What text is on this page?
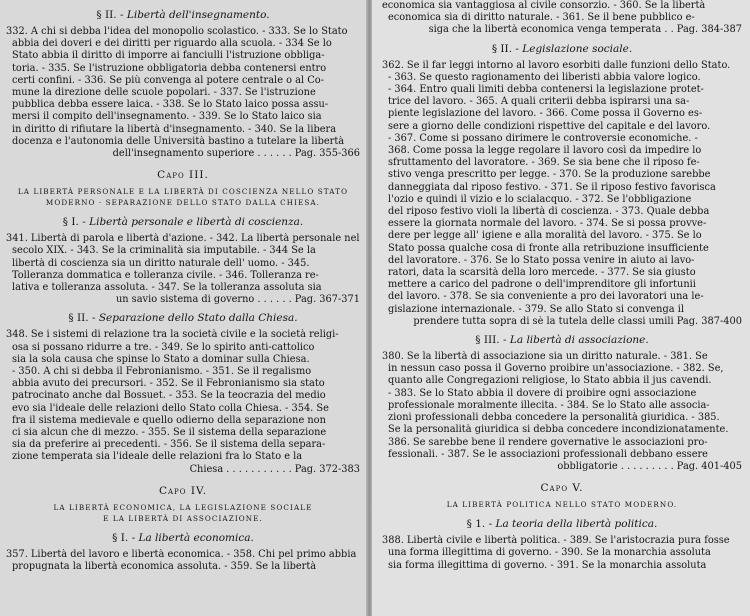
§ II. - Libertà dell'insegnamento.
332. A chi si debba l'idea del monopolio scolastico. - 333. Se lo Stato
abbia dei doveri e dei diritti per riguardo alla scuola. - 334 Se lo
Stato abbia il diritto di imporre ai fanciulli l'istruzione obbliga-
toria. - 335. Se l'istruzione obbligatoria debba contenersi entro
certi confini. - 336. Se più convenga al potere centrale o al Co-
mune la direzione delle scuole popolari. - 337. Se l'istruzione
pubblica debba essere laica. - 338. Se lo Stato laico possa assu-
mersi il compito dell'insegnamento. - 339. Se lo Stato laico sia
in diritto di rifiutare la libertà d'insegnamento. - 340. Se la libera
docenza e l'autonomia delle Università bastino a tutelare la libertà
dell'insegnamento superiore . . . . . . Pag. 355-366
Capo III.
LA LIBERTÀ PERSONALE E LA LIBERTÀ DI COSCIENZA NELLO STATO
MODERNO · SEPARAZIONE DELLO STATO DALLA CHIESA.
§ I. - Libertà personale e libertà di coscienza.
341. Libertà di parola e libertà d'azione. - 342. La libertà personale nel
secolo XIX. - 343. Se la criminalità sia imputabile. - 344 Se la
libertà di coscienza sia un diritto naturale dell' uomo. - 345.
Tolleranza dommatica e tolleranza civile. - 346. Tolleranza re-
lativa e tolleranza assoluta. - 347. Se la tolleranza assoluta sia
un savio sistema di governo . . . . . . Pag. 367-371
§ II. - Separazione dello Stato dalla Chiesa.
348. Se i sistemi di relazione tra la società civile e la società religi-
osa si possano ridurre a tre. - 349. Se lo spirito anti-cattolico
sia la sola causa che spinse lo Stato a dominar sulla Chiesa.
- 350. A chi si debba il Febronianismo. - 351. Se il regalismo
abbia avuto dei precursori. - 352. Se il Febronianismo sia stato
patrocinato anche dal Bossuet. - 353. Se la teocrazia del medio
evo sia l'ideale delle relazioni dello Stato colla Chiesa. - 354. Se
fra il sistema medievale e quello odierno della separazione non
ci sia alcun che di mezzo. - 355. Se il sistema della separazione
sia da preferire ai precedenti. - 356. Se il sistema della separa-
zione temperata sia l'ideale delle relazioni fra lo Stato e la
Chiesa . . . . . . . . . . . Pag. 372-383
Capo IV.
LA LIBERTÀ ECONOMICA, LA LEGISLAZIONE SOCIALE
E LA LIBERTÀ DI ASSOCIAZIONE.
§ I. - La libertà economica.
357. Libertà del lavoro e libertà economica. - 358. Chi pel primo abbia
propugnata la libertà economica assoluta. - 359. Se la libertà
economica sia vantaggiosa al civile consorzio. - 360. Se la libertà
economica sia di diritto naturale. - 361. Se il bene pubblico e-
siga che la libertà economica venga temperata . . Pag. 384-387
§ II. - Legislazione sociale.
362. Se il far leggi intorno al lavoro esorbiti dalle funzioni dello Stato.
- 363. Se questo ragionamento dei liberisti abbia valore logico.
- 364. Entro quali limiti debba contenersi la legislazione protet-
trice del lavoro. - 365. A quali criterii debba ispirarsi una sa-
piente legislazione del lavoro. - 366. Come possa il Governo es-
sere a giorno delle condizioni rispettive del capitale e del lavoro.
- 367. Come si possano dirimere le controversie economiche. -
368. Come possa la legge regolare il lavoro così da impedire lo
sfruttamento del lavoratore. - 369. Se sia bene che il riposo fe-
stivo venga prescritto per legge. - 370. Se la produzione sarebbe
danneggiata dal riposo festivo. - 371. Se il riposo festivo favorisca
l'ozio e quindi il vizio e lo scialacquo. - 372. Se l'obbligazione
del riposo festivo violi la libertà di coscienza. - 373. Quale debba
essere la giornata normale del lavoro. - 374. Se si possa provve-
dere per legge all' igiene e alla moralità del lavoro. - 375. Se lo
Stato possa qualche cosa di fronte alla retribuzione insufficiente
del lavoratore. - 376. Se lo Stato possa venire in aiuto ai lavo-
ratori, data la scarsità della loro mercede. - 377. Se sia giusto
mettere a carico del padrone o dell'imprenditore gli infortunii
del lavoro. - 378. Se sia conveniente a pro dei lavoratori una le-
gislazione internazionale. - 379. Se allo Stato si convenga il
prendere tutta sopra di sè la tutela delle classi umili Pag. 387-400
§ III. - La libertà di associazione.
380. Se la libertà di associazione sia un diritto naturale. - 381. Se
in nessun caso possa il Governo proibire un'associazione. - 382. Se,
quanto alle Congregazioni religiose, lo Stato abbia il jus cavendi.
- 383. Se lo Stato abbia il dovere di proibire ogni associazione
professionale moralmente illecita. - 384. Se lo Stato alle associa-
zioni professionali debba concedere la personalità giuridica. - 385.
Se la personalità giuridica si debba concedere incondizionatamente.
386. Se sarebbe bene il rendere governative le associazioni pro-
fessionali. - 387. Se le associazioni professionali debbano essere
obbligatorie . . . . . . . . . Pag. 401-405
Capo V.
LA LIBERTÀ POLITICA NELLO STATO MODERNO.
§ 1. - La teoria della libertà politica.
388. Libertà civile e libertà politica. - 389. Se l'aristocrazia pura fosse
una forma illegittima di governo. - 390. Se la monarchia assoluta
sia forma illegittima di governo. - 391. Se la monarchia assoluta
